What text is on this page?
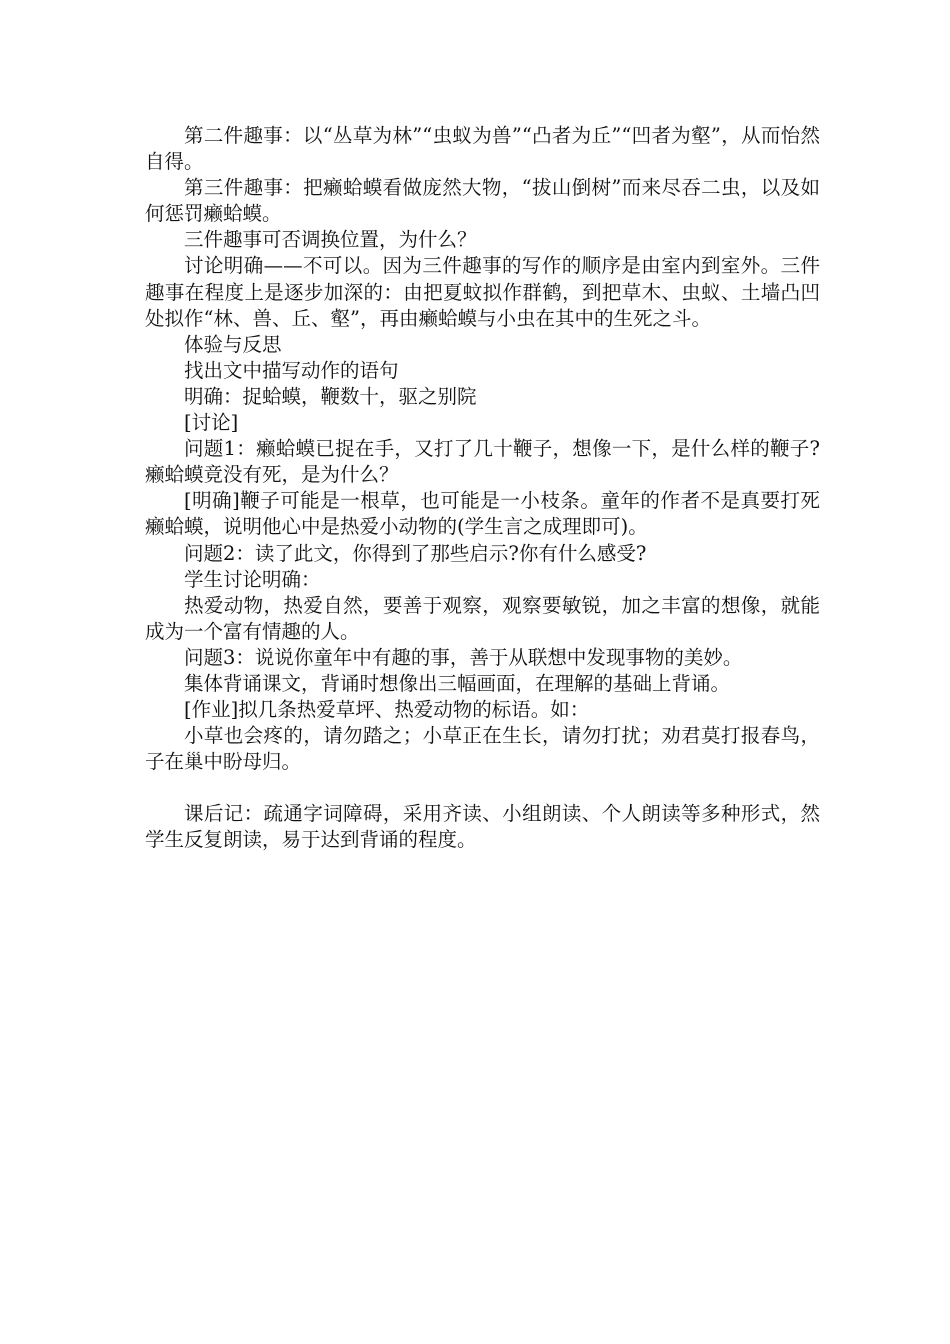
第二件趣事：以“丛草为林”“虫蚁为兽”“凸者为丘”“凹者为壑”，从而怡然自得。

第三件趣事：把癞蛤蟆看做庞然大物，“拔山倒树”而来尽吞二虫，以及如何惩罚癞蛤蟆。

三件趣事可否调换位置，为什么？

讨论明确——不可以。因为三件趣事的写作的顺序是由室内到室外。三件趣事在程度上是逐步加深的：由把夏蚊拟作群鹤，到把草木、虫蚁、土墙凸凹处拟作“林、兽、丘、壑”，再由癞蛤蟆与小虫在其中的生死之斗。

体验与反思

找出文中描写动作的语句

明确：捉蛤蟆，鞭数十，驱之别院

[讨论]

问题1：癞蛤蟆已捉在手，又打了几十鞭子，想像一下，是什么样的鞭子?癞蛤蟆竟没有死，是为什么？

[明确]鞭子可能是一根草，也可能是一小枝条。童年的作者不是真要打死癞蛤蟆，说明他心中是热爱小动物的(学生言之成理即可)。

问题2：读了此文，你得到了那些启示?你有什么感受?

学生讨论明确：

热爱动物，热爱自然，要善于观察，观察要敏锐，加之丰富的想像，就能成为一个富有情趣的人。

问题3：说说你童年中有趣的事，善于从联想中发现事物的美妙。

集体背诵课文，背诵时想像出三幅画面，在理解的基础上背诵。

[作业]拟几条热爱草坪、热爱动物的标语。如：

小草也会疼的，请勿踏之；小草正在生长，请勿打扰；劝君莫打报春鸟，子在巢中盼母归。

课后记：疏通字词障碍，采用齐读、小组朗读、个人朗读等多种形式，然学生反复朗读，易于达到背诵的程度。
